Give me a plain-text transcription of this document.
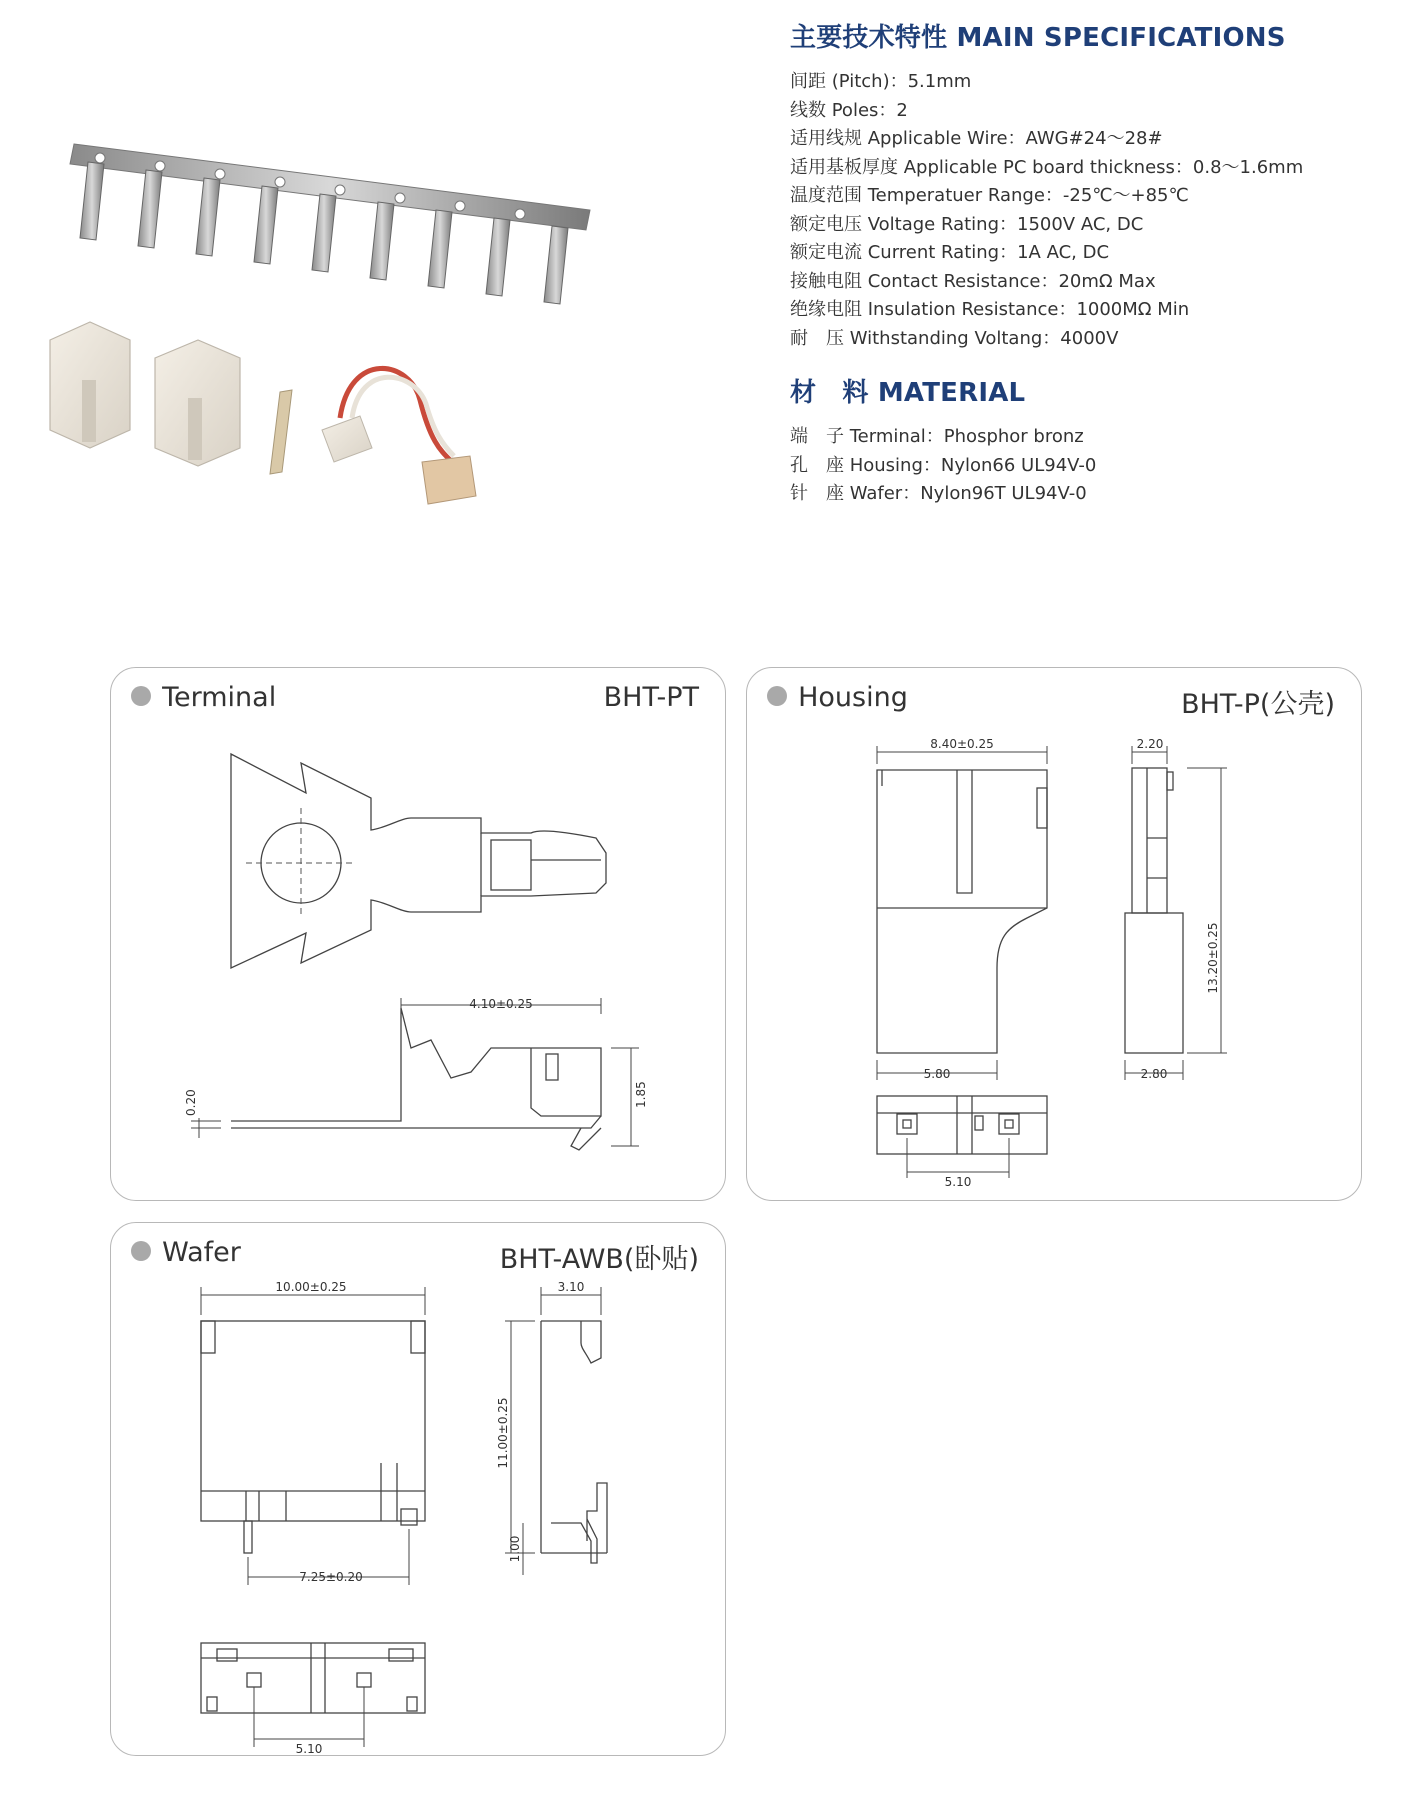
主要技术特性 MAIN SPECIFICATIONS
间距 (Pitch)：5.1mm
线数 Poles：2
适用线规 Applicable Wire：AWG#24～28#
适用基板厚度 Applicable PC board thickness：0.8～1.6mm
温度范围 Temperatuer Range：-25℃～+85℃
额定电压 Voltage Rating：1500V AC, DC
额定电流 Current Rating：1A AC, DC
接触电阻 Contact Resistance：20mΩ Max
绝缘电阻 Insulation Resistance：1000MΩ Min
耐　压 Withstanding Voltang：4000V
材　料 MATERIAL
端　子 Terminal：Phosphor bronz
孔　座 Housing：Nylon66 UL94V-0
针　座 Wafer：Nylon96T UL94V-0
Terminal	BHT-PT
4.10±0.25
0.20	1.85
Housing	BHT-P(公壳)
8.40±0.25	2.20
13.20±0.25
5.80	2.80
5.10
Wafer	BHT-AWB(卧贴)
10.00±0.25	3.10
11.00±0.25
1.00
7.25±0.20
5.10
